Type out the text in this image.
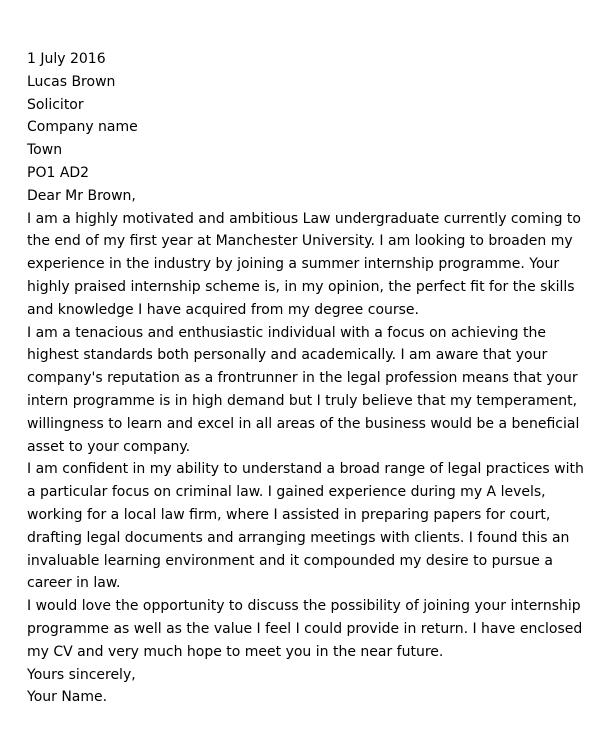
1 July 2016
Lucas Brown
Solicitor
Company name
Town
PO1 AD2
Dear Mr Brown,
I am a highly motivated and ambitious Law undergraduate currently coming to
the end of my first year at Manchester University. I am looking to broaden my
experience in the industry by joining a summer internship programme. Your
highly praised internship scheme is, in my opinion, the perfect fit for the skills
and knowledge I have acquired from my degree course.
I am a tenacious and enthusiastic individual with a focus on achieving the
highest standards both personally and academically. I am aware that your
company's reputation as a frontrunner in the legal profession means that your
intern programme is in high demand but I truly believe that my temperament,
willingness to learn and excel in all areas of the business would be a beneficial
asset to your company.
I am confident in my ability to understand a broad range of legal practices with
a particular focus on criminal law. I gained experience during my A levels,
working for a local law firm, where I assisted in preparing papers for court,
drafting legal documents and arranging meetings with clients. I found this an
invaluable learning environment and it compounded my desire to pursue a
career in law.
I would love the opportunity to discuss the possibility of joining your internship
programme as well as the value I feel I could provide in return. I have enclosed
my CV and very much hope to meet you in the near future.
Yours sincerely,
Your Name.
